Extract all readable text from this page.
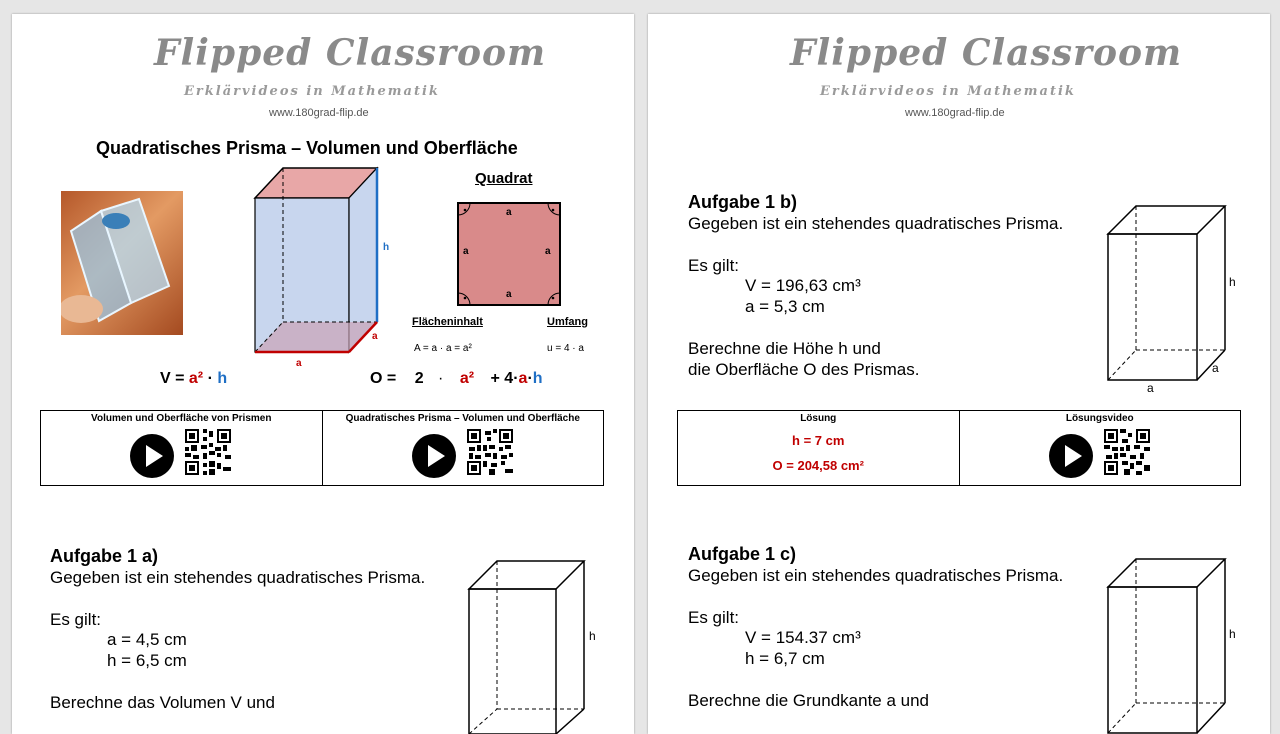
Flipped Classroom
Erklärvideos in Mathematik
www.180grad-flip.de
Quadratisches Prisma – Volumen und Oberfläche
h
a
a
Quadrat
a
a	a
a
Flächeninhalt	Umfang
A = a · a = a²	u = 4 · a
V = a² · h	O = 2 · a² + 4·a·h
Volumen und Oberfläche von Prismen	Quadratisches Prisma – Volumen und Oberfläche
Aufgabe 1 a)
Gegeben ist ein stehendes quadratisches Prisma.
Es gilt:
a = 4,5 cm
h = 6,5 cm
Berechne das Volumen V und
h
Flipped Classroom
Erklärvideos in Mathematik
www.180grad-flip.de
Aufgabe 1 b)
Gegeben ist ein stehendes quadratisches Prisma.
Es gilt:
V = 196,63 cm³
a = 5,3 cm
Berechne die Höhe h und
die Oberfläche O des Prismas.
h
a
a
Lösung
h = 7 cm
O = 204,58 cm²
Lösungsvideo
Aufgabe 1 c)
Gegeben ist ein stehendes quadratisches Prisma.
Es gilt:
V = 154.37 cm³
h = 6,7 cm
Berechne die Grundkante a und
h
